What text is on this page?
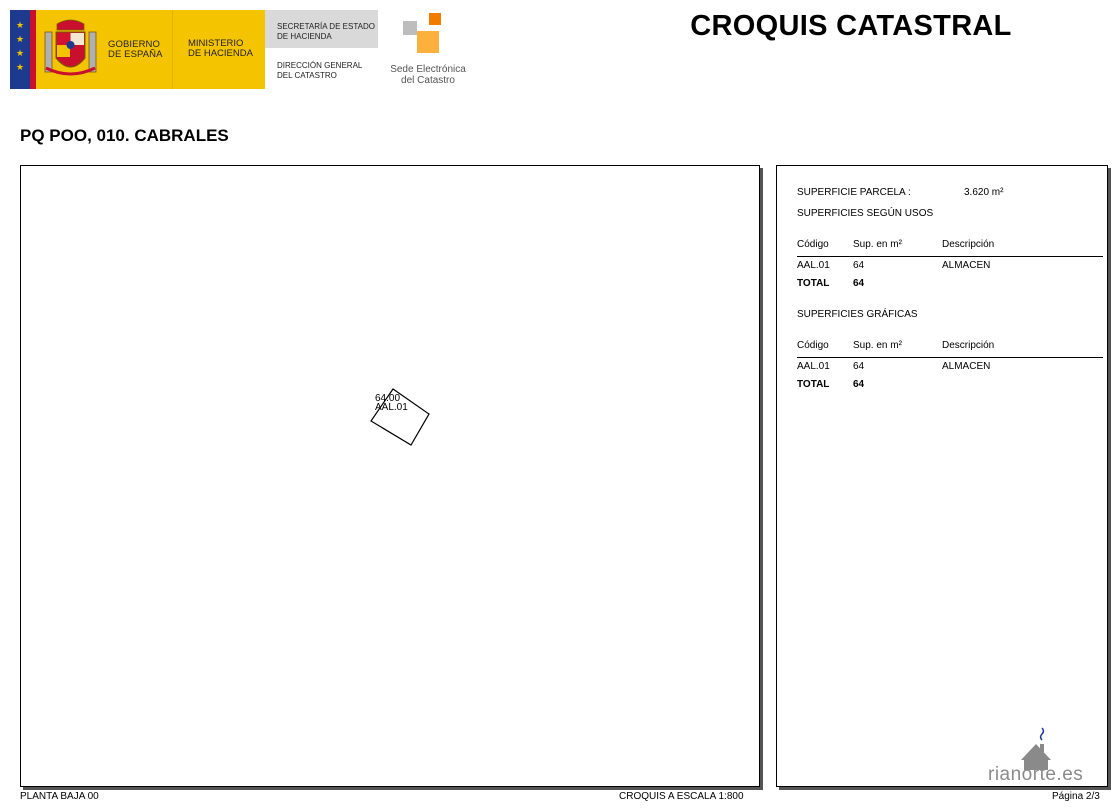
★
★
★
★
GOBIERNO
DE ESPAÑA
MINISTERIO
DE HACIENDA
SECRETARÍA DE ESTADO
DE HACIENDA
DIRECCIÓN GENERAL
DEL CATASTRO
Sede Electrónica
del Catastro
CROQUIS CATASTRAL
PQ POO, 010. CABRALES
64.00
AAL.01
SUPERFICIE PARCELA :	3.620 m²
SUPERFICIES SEGÚN USOS
Código Sup. en m²	Descripción
AAL.01 64	ALMACEN
TOTAL 64
SUPERFICIES GRÁFICAS
Código Sup. en m²	Descripción
AAL.01 64	ALMACEN
TOTAL 64
rianorte.es
PLANTA BAJA 00	CROQUIS A ESCALA 1:800	Página 2/3
